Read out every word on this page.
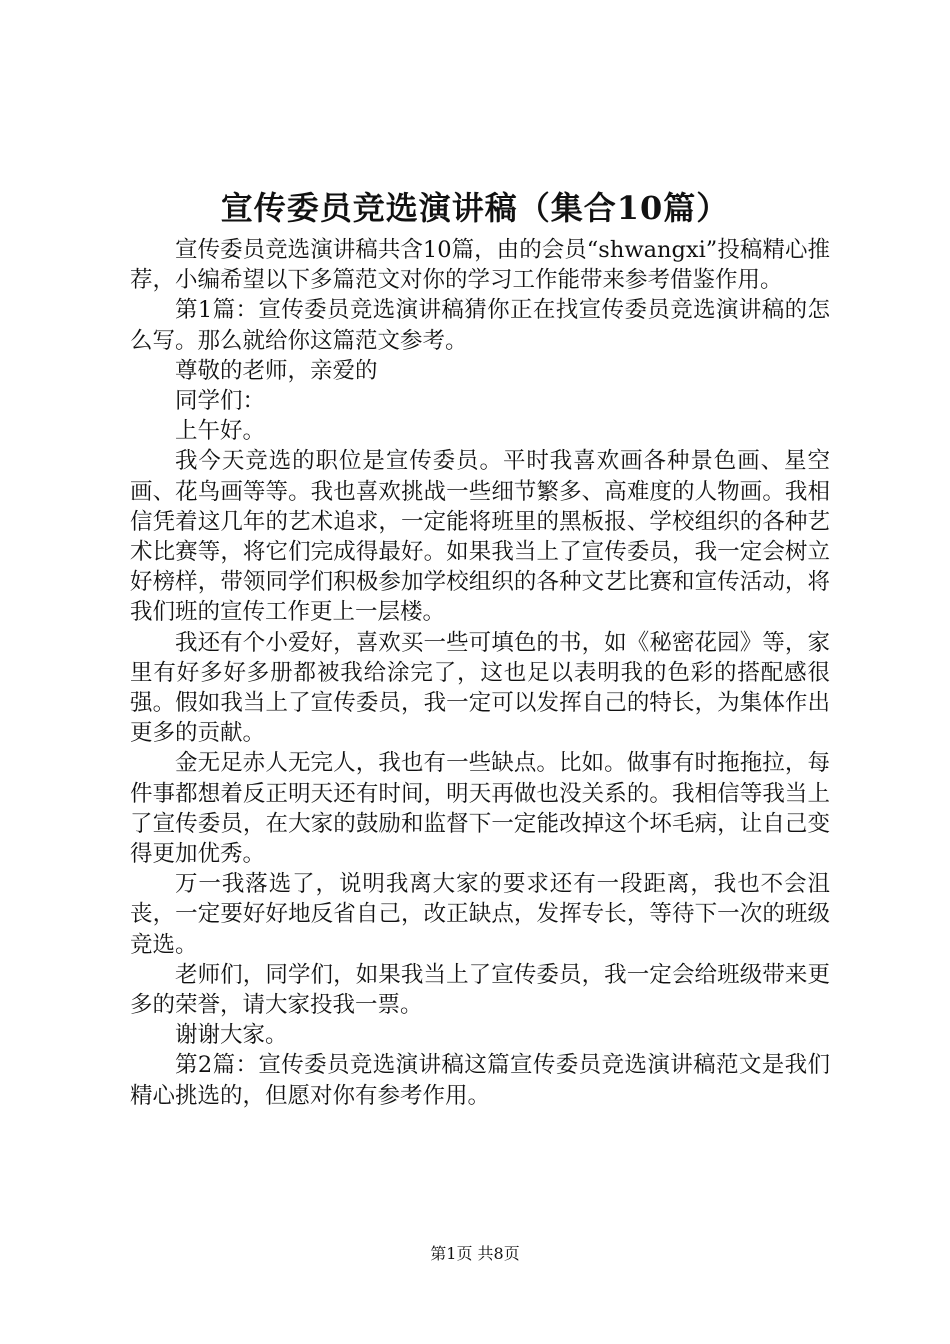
宣传委员竞选演讲稿（集合10篇）

宣传委员竞选演讲稿共含10篇，由的会员“shwangxi”投稿精心推荐，小编希望以下多篇范文对你的学习工作能带来参考借鉴作用。

第1篇：宣传委员竞选演讲稿猜你正在找宣传委员竞选演讲稿的怎么写。那么就给你这篇范文参考。

尊敬的老师，亲爱的

同学们：

上午好。

我今天竞选的职位是宣传委员。平时我喜欢画各种景色画、星空画、花鸟画等等。我也喜欢挑战一些细节繁多、高难度的人物画。我相信凭着这几年的艺术追求，一定能将班里的黑板报、学校组织的各种艺术比赛等，将它们完成得最好。如果我当上了宣传委员，我一定会树立好榜样，带领同学们积极参加学校组织的各种文艺比赛和宣传活动，将我们班的宣传工作更上一层楼。

我还有个小爱好，喜欢买一些可填色的书，如《秘密花园》等，家里有好多好多册都被我给涂完了，这也足以表明我的色彩的搭配感很强。假如我当上了宣传委员，我一定可以发挥自己的特长，为集体作出更多的贡献。

金无足赤人无完人，我也有一些缺点。比如。做事有时拖拖拉，每件事都想着反正明天还有时间，明天再做也没关系的。我相信等我当上了宣传委员，在大家的鼓励和监督下一定能改掉这个坏毛病，让自己变得更加优秀。

万一我落选了，说明我离大家的要求还有一段距离，我也不会沮丧，一定要好好地反省自己，改正缺点，发挥专长，等待下一次的班级竞选。

老师们，同学们，如果我当上了宣传委员，我一定会给班级带来更多的荣誉，请大家投我一票。

谢谢大家。

第2篇：宣传委员竞选演讲稿这篇宣传委员竞选演讲稿范文是我们精心挑选的，但愿对你有参考作用。

第1页 共8页
